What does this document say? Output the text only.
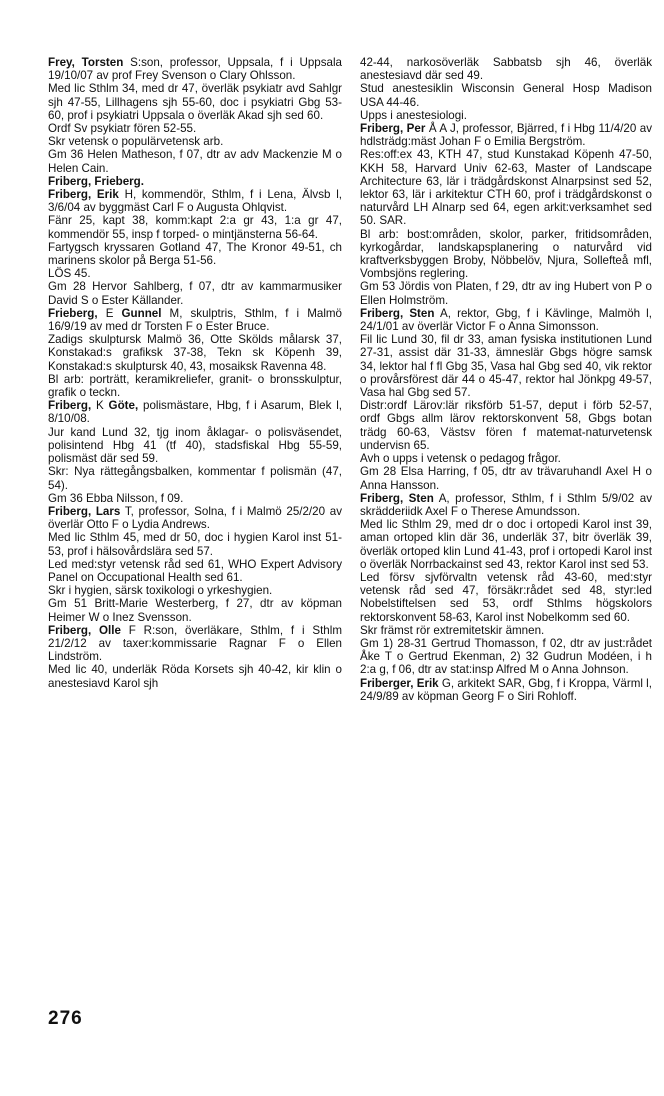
Frey, Torsten S:son, professor, Uppsala, f i Uppsala 19/10/07 av prof Frey Svenson o Clary Ohlsson.

Med lic Sthlm 34, med dr 47, överläk psykiatr avd Sahlgr sjh 47-55, Lillhagens sjh 55-60, doc i psykiatri Gbg 53-60, prof i psykiatri Uppsala o överläk Akad sjh sed 60.

Ordf Sv psykiatr fören 52-55.

Skr vetensk o populärvetensk arb.

Gm 36 Helen Matheson, f 07, dtr av adv Mackenzie M o Helen Cain.

Friberg, Frieberg.

Friberg, Erik H, kommendör, Sthlm, f i Lena, Älvsb l, 3/6/04 av byggmäst Carl F o Augusta Ohlqvist.

Fänr 25, kapt 38, komm:kapt 2:a gr 43, 1:a gr 47, kommendör 55, insp f torped- o mintjänsterna 56-64.

Fartygsch kryssaren Gotland 47, The Kronor 49-51, ch marinens skolor på Berga 51-56.

LÖS 45.

Gm 28 Hervor Sahlberg, f 07, dtr av kammarmusiker David S o Ester Källander.

Frieberg, E Gunnel M, skulptris, Sthlm, f i Malmö 16/9/19 av med dr Torsten F o Ester Bruce.

Zadigs skulptursk Malmö 36, Otte Skölds målarsk 37, Konstakad:s grafiksk 37-38, Tekn sk Köpenh 39, Konstakad:s skulptursk 40, 43, mosaiksk Ravenna 48.

Bl arb: porträtt, keramikreliefer, granit- o bronsskulptur, grafik o teckn.

Friberg, K Göte, polismästare, Hbg, f i Asarum, Blek l, 8/10/08.

Jur kand Lund 32, tjg inom åklagar- o polisväsendet, polisintend Hbg 41 (tf 40), stadsfiskal Hbg 55-59, polismäst där sed 59.

Skr: Nya rättegångsbalken, kommentar f polismän (47, 54).

Gm 36 Ebba Nilsson, f 09.

Friberg, Lars T, professor, Solna, f i Malmö 25/2/20 av överlär Otto F o Lydia Andrews.

Med lic Sthlm 45, med dr 50, doc i hygien Karol inst 51-53, prof i hälsovårdslära sed 57.

Led med:styr vetensk råd sed 61, WHO Expert Advisory Panel on Occupational Health sed 61.

Skr i hygien, särsk toxikologi o yrkeshygien.

Gm 51 Britt-Marie Westerberg, f 27, dtr av köpman Heimer W o Inez Svensson.

Friberg, Olle F R:son, överläkare, Sthlm, f i Sthlm 21/2/12 av taxer:kommissarie Ragnar F o Ellen Lindström.

Med lic 40, underläk Röda Korsets sjh 40-42, kir klin o anestesiavd Karol sjh

42-44, narkosöverläk Sabbatsb sjh 46, överläk anestesiavd där sed 49.

Stud anestesiklin Wisconsin General Hosp Madison USA 44-46.

Upps i anestesiologi.

Friberg, Per Å A J, professor, Bjärred, f i Hbg 11/4/20 av hdlsträdg:mäst Johan F o Emilia Bergström.

Res:off:ex 43, KTH 47, stud Kunstakad Köpenh 47-50, KKH 58, Harvard Univ 62-63, Master of Landscape Architecture 63, lär i trädgårdskonst Alnarpsinst sed 52, lektor 63, lär i arkitektur CTH 60, prof i trädgårdskonst o naturvård LH Alnarp sed 64, egen arkit:verksamhet sed 50. SAR.

Bl arb: bost:områden, skolor, parker, fritidsområden, kyrkogårdar, landskapsplanering o naturvård vid kraftverksbyggen Broby, Nöbbelöv, Njura, Sollefteå mfl, Vombsjöns reglering.

Gm 53 Jördis von Platen, f 29, dtr av ing Hubert von P o Ellen Holmström.

Friberg, Sten A, rektor, Gbg, f i Kävlinge, Malmöh l, 24/1/01 av överlär Victor F o Anna Simonsson.

Fil lic Lund 30, fil dr 33, aman fysiska institutionen Lund 27-31, assist där 31-33, ämneslär Gbgs högre samsk 34, lektor hal f fl Gbg 35, Vasa hal Gbg sed 40, vik rektor o provårsförest där 44 o 45-47, rektor hal Jönkpg 49-57, Vasa hal Gbg sed 57.

Distr:ordf Lärov:lär riksförb 51-57, deput i förb 52-57, ordf Gbgs allm lärov rektorskonvent 58, Gbgs botan trädg 60-63, Västsv fören f matemat-naturvetensk undervisn 65.

Avh o upps i vetensk o pedagog frågor.

Gm 28 Elsa Harring, f 05, dtr av trävaruhandl Axel H o Anna Hansson.

Friberg, Sten A, professor, Sthlm, f i Sthlm 5/9/02 av skrädderiidk Axel F o Therese Amundsson.

Med lic Sthlm 29, med dr o doc i ortopedi Karol inst 39, aman ortoped klin där 36, underläk 37, bitr överläk 39, överläk ortoped klin Lund 41-43, prof i ortopedi Karol inst o överläk Norrbackainst sed 43, rektor Karol inst sed 53.

Led försv sjvförvaltn vetensk råd 43-60, med:styr vetensk råd sed 47, försäkr:rådet sed 48, styr:led Nobelstiftelsen sed 53, ordf Sthlms högskolors rektorskonvent 58-63, Karol inst Nobelkomm sed 60.

Skr främst rör extremitetskir ämnen.

Gm 1) 28-31 Gertrud Thomasson, f 02, dtr av just:rådet Åke T o Gertrud Ekenman, 2) 32 Gudrun Modéen, i h 2:a g, f 06, dtr av stat:insp Alfred M o Anna Johnson.

Friberger, Erik G, arkitekt SAR, Gbg, f i Kroppa, Värml l, 24/9/89 av köpman Georg F o Siri Rohloff.

276
